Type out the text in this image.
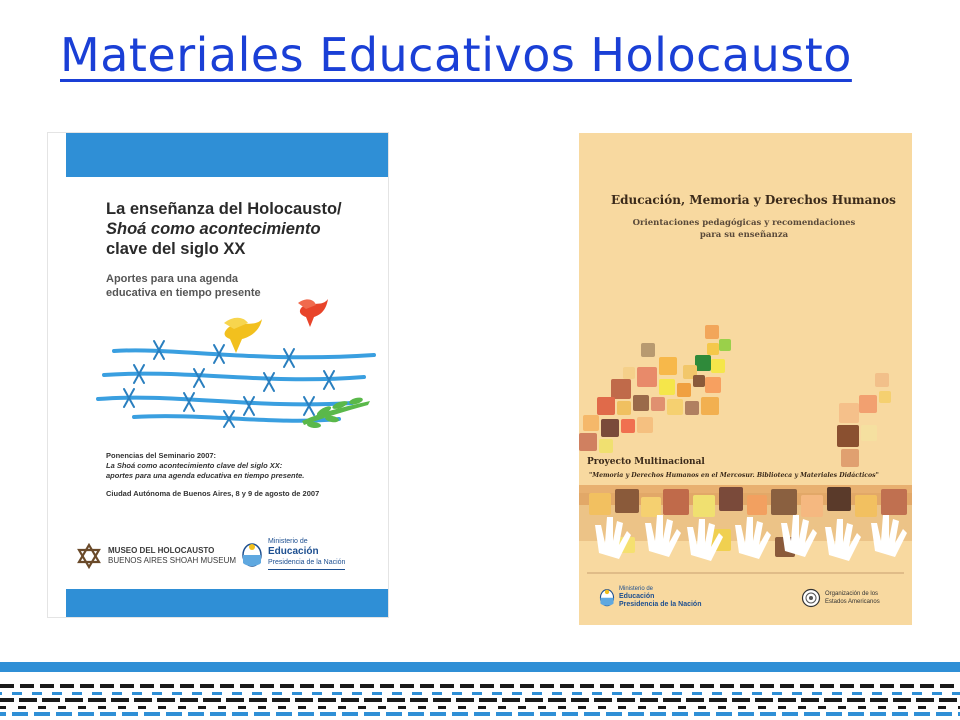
Materiales Educativos Holocausto
La enseñanza del Holocausto/
Shoá como acontecimiento
clave del siglo XX
Aportes para una agenda
educativa en tiempo presente
Ponencias del Seminario 2007:
La Shoá como acontecimiento clave del siglo XX:
aportes para una agenda educativa en tiempo presente.
Ciudad Autónoma de Buenos Aires, 8 y 9 de agosto de 2007
MUSEO DEL HOLOCAUSTO
BUENOS AIRES SHOAH MUSEUM
Ministerio de
Educación
Presidencia de la Nación
Educación, Memoria y Derechos Humanos
Orientaciones pedagógicas y recomendaciones
para su enseñanza
Proyecto Multinacional
"Memoria y Derechos Humanos en el Mercosur. Biblioteca y Materiales Didácticos"
Ministerio de
Educación
Presidencia de la Nación
Organización de los
Estados Americanos
